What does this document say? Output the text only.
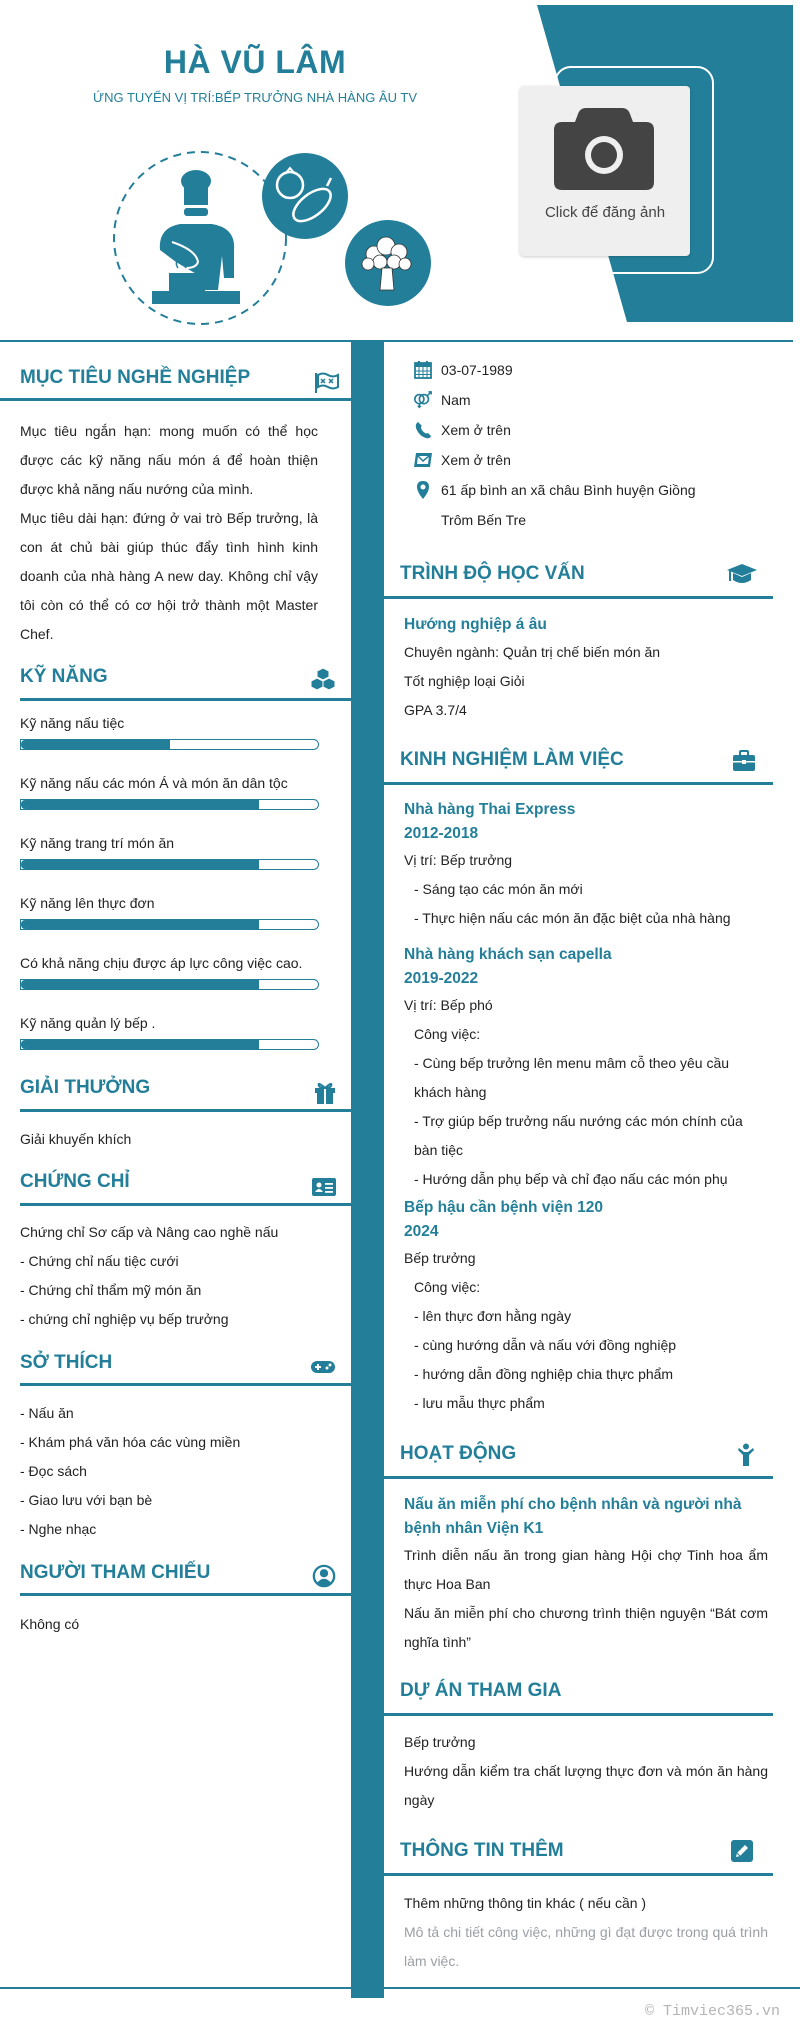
HÀ VŨ LÂM
ỨNG TUYỂN VỊ TRÍ:BẾP TRƯỞNG NHÀ HÀNG ÂU TV
Click để đăng ảnh
MỤC TIÊU NGHỀ NGHIỆP
Mục tiêu ngắn hạn: mong muốn có thể học được các kỹ năng nấu món á để hoàn thiện được khả năng nấu nướng của mình.
Mục tiêu dài hạn: đứng ở vai trò Bếp trưởng, là con át chủ bài giúp thúc đẩy tình hình kinh doanh của nhà hàng A new day. Không chỉ vậy tôi còn có thể có cơ hội trở thành một Master Chef.
KỸ NĂNG
Kỹ năng nấu tiệc
Kỹ năng nấu các món Á và món ăn dân tộc
Kỹ năng trang trí món ăn
Kỹ năng lên thực đơn
Có khả năng chịu được áp lực công việc cao.
Kỹ năng quản lý bếp .
GIẢI THƯỞNG
Giải khuyến khích
CHỨNG CHỈ
Chứng chỉ Sơ cấp và Nâng cao nghề nấu
- Chứng chỉ nấu tiệc cưới
- Chứng chỉ thẩm mỹ món ăn
- chứng chỉ nghiệp vụ bếp trưởng
SỞ THÍCH
- Nấu ăn
- Khám phá văn hóa các vùng miền
- Đọc sách
- Giao lưu với bạn bè
- Nghe nhạc
NGƯỜI THAM CHIẾU
Không có
03-07-1989
Nam
Xem ở trên
Xem ở trên
61 ấp bình an xã châu Bình huyện Giồng
Trôm Bến Tre
TRÌNH ĐỘ HỌC VẤN
Hướng nghiệp á âu
Chuyên ngành: Quản trị chế biến món ăn
Tốt nghiệp loại Giỏi
GPA 3.7/4
KINH NGHIỆM LÀM VIỆC
Nhà hàng Thai Express
2012-2018
Vị trí: Bếp trưởng
- Sáng tạo các món ăn mới
- Thực hiện nấu các món ăn đặc biệt của nhà hàng
Nhà hàng khách sạn capella
2019-2022
Vị trí: Bếp phó
Công việc:
- Cùng bếp trưởng lên menu mâm cỗ theo yêu cầu khách hàng
- Trợ giúp bếp trưởng nấu nướng các món chính của bàn tiệc
- Hướng dẫn phụ bếp và chỉ đạo nấu các món phụ
Bếp hậu cần bệnh viện 120
2024
Bếp trưởng
Công việc:
- lên thực đơn hằng ngày
- cùng hướng dẫn và nấu với đồng nghiệp
- hướng dẫn đồng nghiệp chia thực phẩm
- lưu mẫu thực phẩm
HOẠT ĐỘNG
Nấu ăn miễn phí cho bệnh nhân và người nhà bệnh nhân Viện K1
Trình diễn nấu ăn trong gian hàng Hội chợ Tinh hoa ẩm thực Hoa Ban
Nấu ăn miễn phí cho chương trình thiện nguyện “Bát cơm nghĩa tình”
DỰ ÁN THAM GIA
Bếp trưởng
Hướng dẫn kiểm tra chất lượng thực đơn và món ăn hàng ngày
THÔNG TIN THÊM
Thêm những thông tin khác ( nếu cần )
Mô tả chi tiết công việc, những gì đạt được trong quá trình làm việc.
© Timviec365.vn
